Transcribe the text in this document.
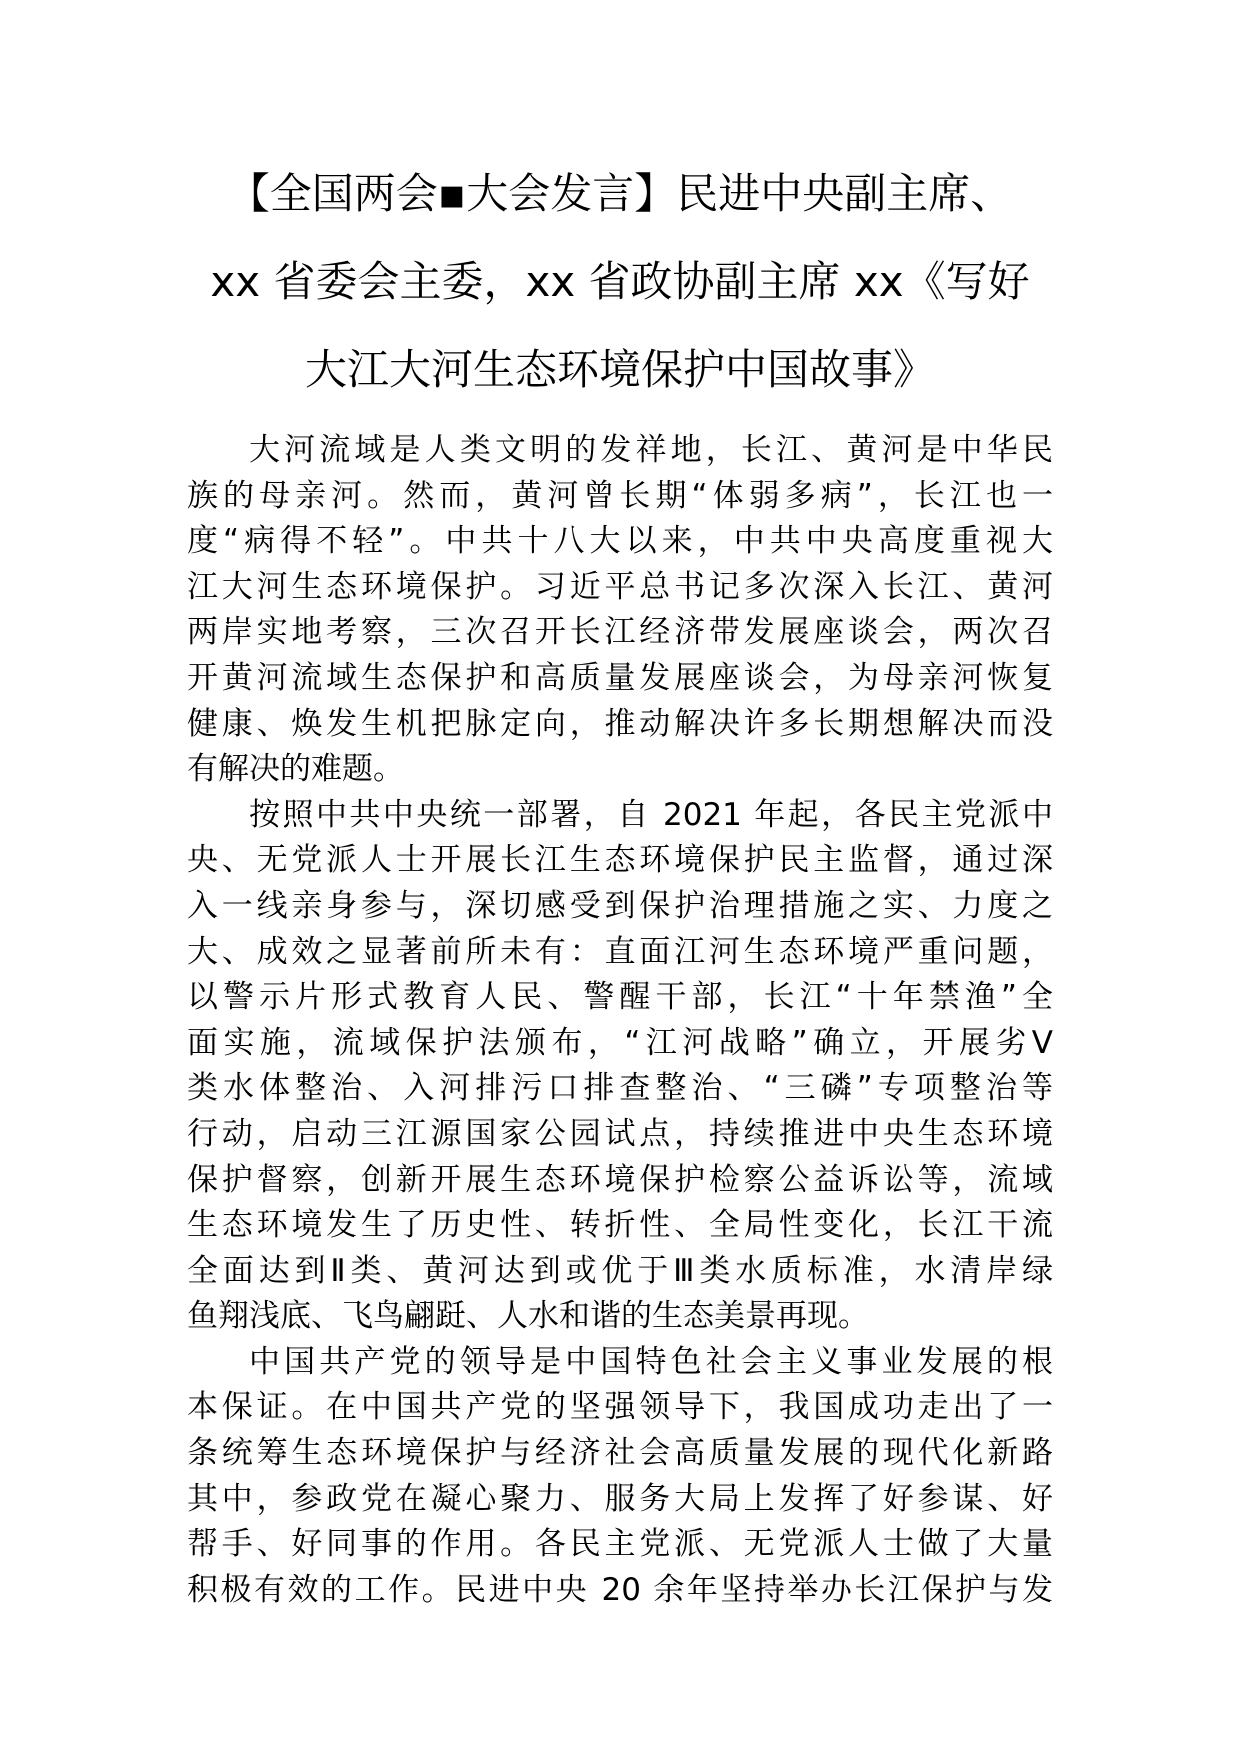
【全国两会▪大会发言】民进中央副主席、
xx 省委会主委，xx 省政协副主席 xx《写好
大江大河生态环境保护中国故事》

大河流域是人类文明的发祥地，长江、黄河是中华民
族的母亲河。然而，黄河曾长期“体弱多病”，长江也一
度“病得不轻”。中共十八大以来，中共中央高度重视大
江大河生态环境保护。习近平总书记多次深入长江、黄河
两岸实地考察，三次召开长江经济带发展座谈会，两次召
开黄河流域生态保护和高质量发展座谈会，为母亲河恢复
健康、焕发生机把脉定向，推动解决许多长期想解决而没
有解决的难题。

按照中共中央统一部署，自 2021 年起，各民主党派中
央、无党派人士开展长江生态环境保护民主监督，通过深
入一线亲身参与，深切感受到保护治理措施之实、力度之
大、成效之显著前所未有：直面江河生态环境严重问题，
以警示片形式教育人民、警醒干部，长江“十年禁渔”全
面实施，流域保护法颁布，“江河战略”确立，开展劣Ⅴ
类水体整治、入河排污口排查整治、“三磷”专项整治等
行动，启动三江源国家公园试点，持续推进中央生态环境
保护督察，创新开展生态环境保护检察公益诉讼等，流域
生态环境发生了历史性、转折性、全局性变化，长江干流
全面达到Ⅱ类、黄河达到或优于Ⅲ类水质标准，水清岸绿
鱼翔浅底、飞鸟翩跹、人水和谐的生态美景再现。

中国共产党的领导是中国特色社会主义事业发展的根
本保证。在中国共产党的坚强领导下，我国成功走出了一
条统筹生态环境保护与经济社会高质量发展的现代化新路
其中，参政党在凝心聚力、服务大局上发挥了好参谋、好
帮手、好同事的作用。各民主党派、无党派人士做了大量
积极有效的工作。民进中央 20 余年坚持举办长江保护与发
